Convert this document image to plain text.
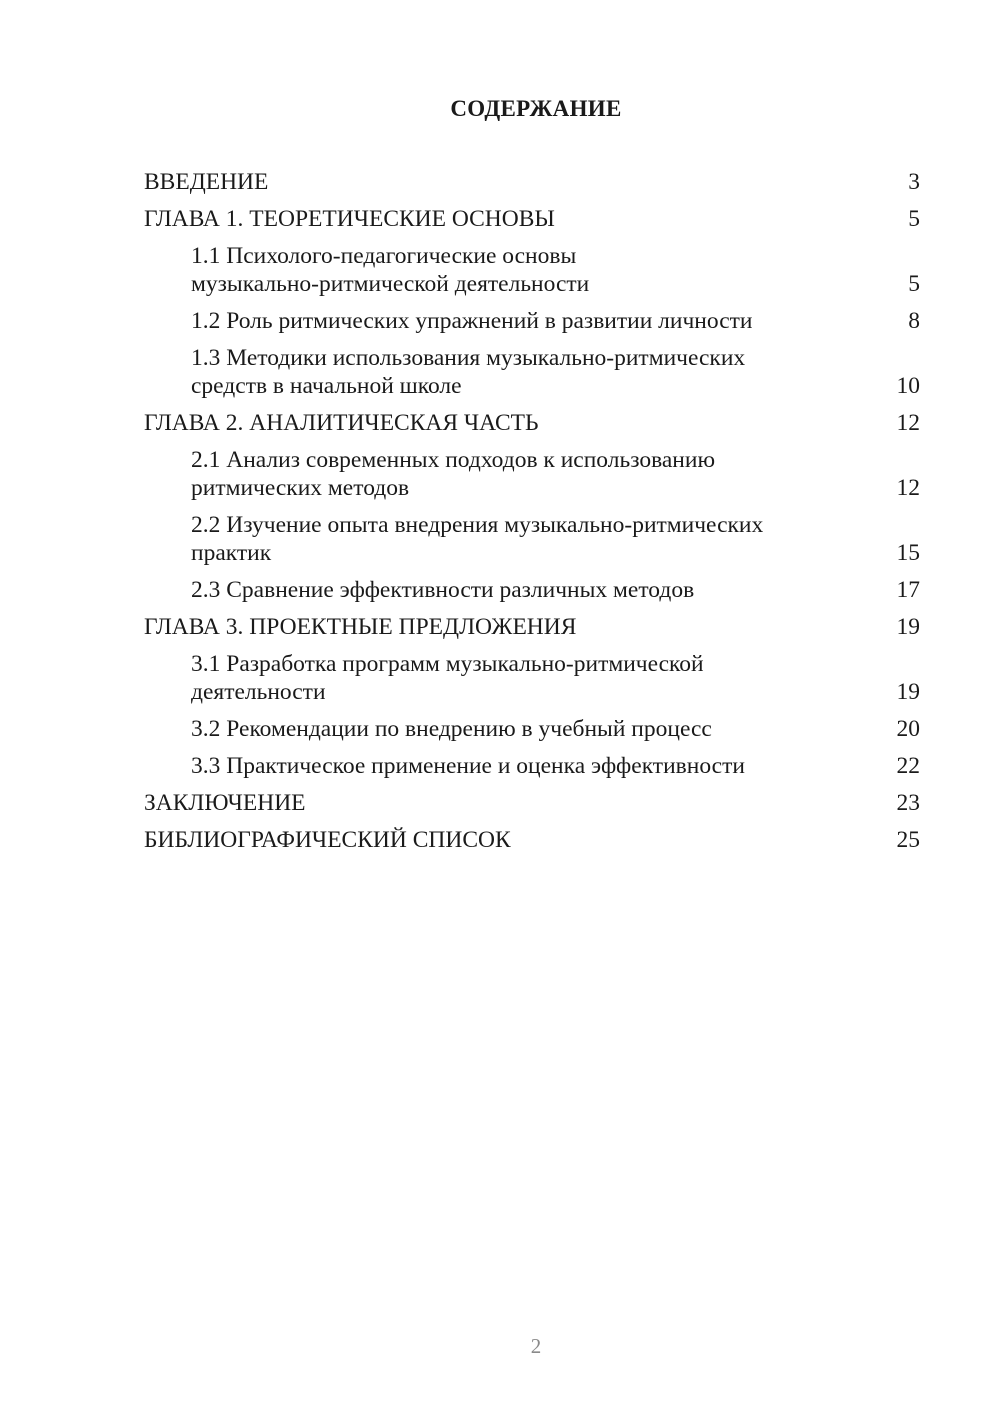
СОДЕРЖАНИЕ
ВВЕДЕНИЕ	3
ГЛАВА 1. ТЕОРЕТИЧЕСКИЕ ОСНОВЫ	5
1.1 Психолого-педагогические основы
музыкально-ритмической деятельности	5
1.2 Роль ритмических упражнений в развитии личности	8
1.3 Методики использования музыкально-ритмических
средств в начальной школе	10
ГЛАВА 2. АНАЛИТИЧЕСКАЯ ЧАСТЬ	12
2.1 Анализ современных подходов к использованию
ритмических методов	12
2.2 Изучение опыта внедрения музыкально-ритмических
практик	15
2.3 Сравнение эффективности различных методов	17
ГЛАВА 3. ПРОЕКТНЫЕ ПРЕДЛОЖЕНИЯ	19
3.1 Разработка программ музыкально-ритмической
деятельности	19
3.2 Рекомендации по внедрению в учебный процесс	20
3.3 Практическое применение и оценка эффективности	22
ЗАКЛЮЧЕНИЕ	23
БИБЛИОГРАФИЧЕСКИЙ СПИСОК	25
2
